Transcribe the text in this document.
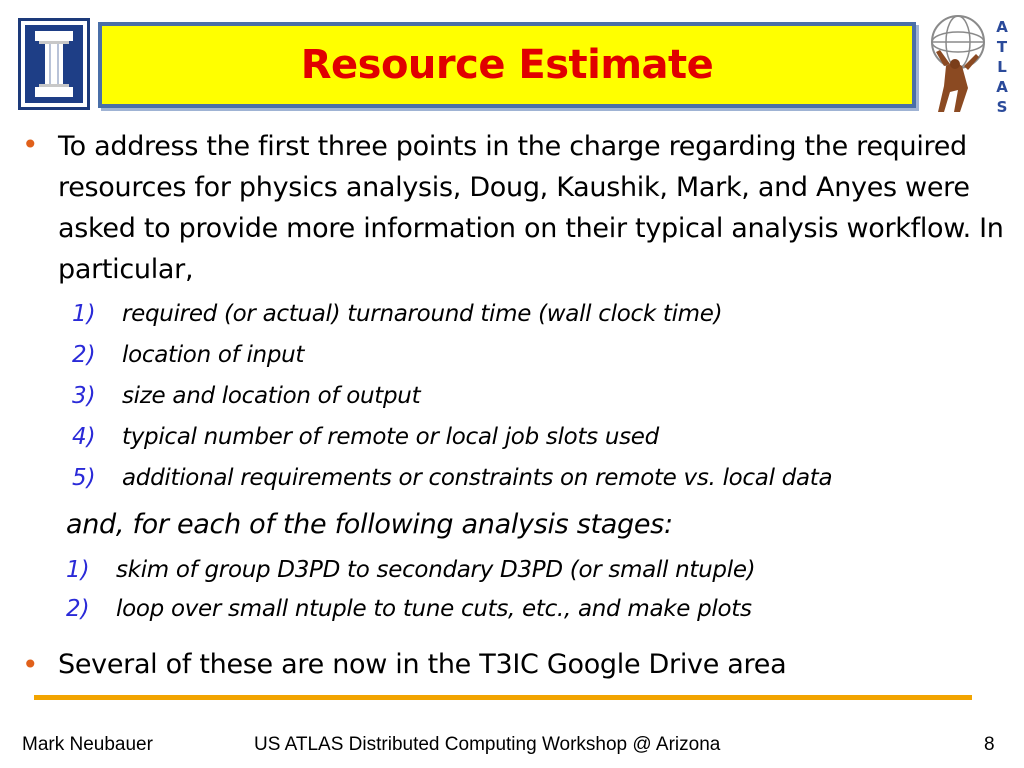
Resource Estimate
A
T
L
A
S
• To address the first three points in the charge regarding the required resources for physics analysis, Doug, Kaushik, Mark, and Anyes were asked to provide more information on their typical analysis workflow. In particular,
1) required (or actual) turnaround time (wall clock time)
2) location of input
3) size and location of output
4) typical number of remote or local job slots used
5) additional requirements or constraints on remote vs. local data
and, for each of the following analysis stages:
1) skim of group D3PD to secondary D3PD (or small ntuple)
2) loop over small ntuple to tune cuts, etc., and make plots
• Several of these are now in the T3IC Google Drive area
Mark Neubauer	US ATLAS Distributed Computing Workshop @ Arizona	8
